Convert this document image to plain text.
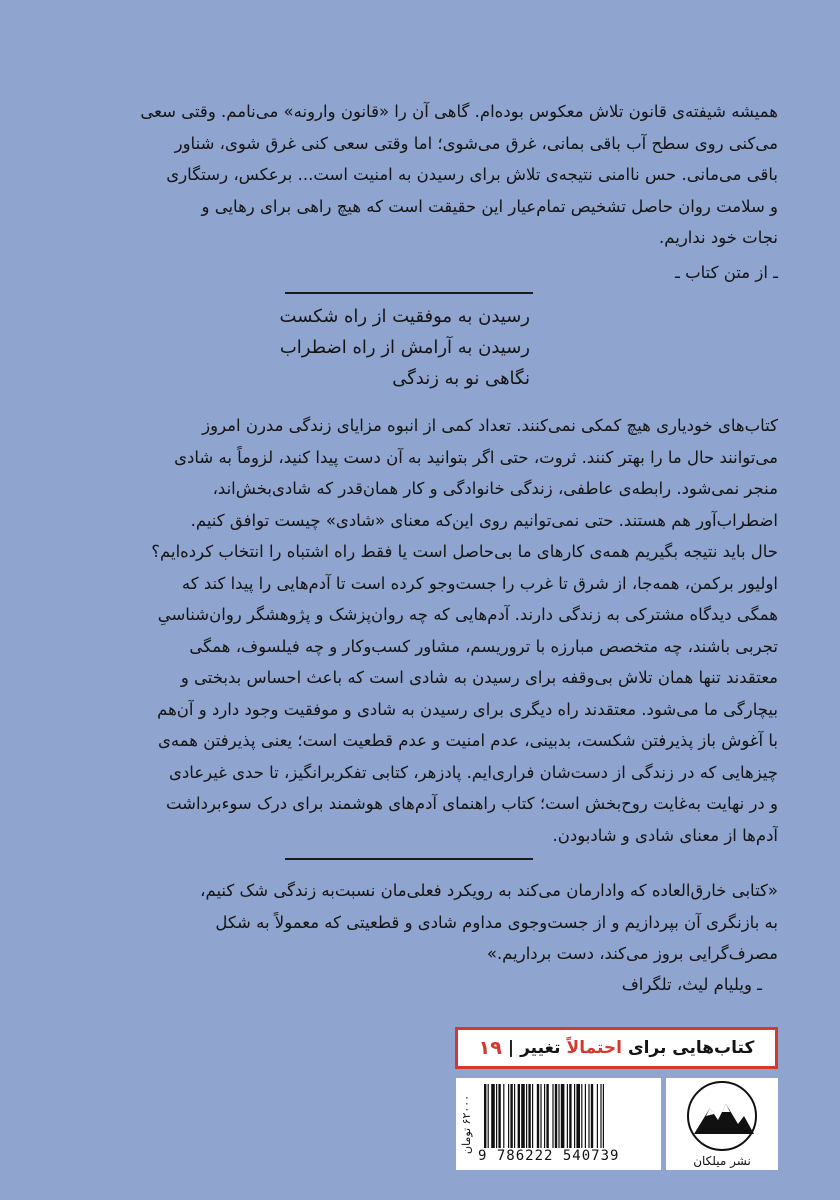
همیشه شیفته‌ی قانون تلاش معکوس بوده‌ام. گاهی آن را «قانون وارونه» می‌نامم. وقتی سعی
می‌کنی روی سطح آب باقی بمانی، غرق می‌شوی؛ اما وقتی سعی کنی غرق شوی، شناور
باقی می‌مانی. حس ناامنی نتیجه‌ی تلاش برای رسیدن به امنیت است... برعکس، رستگاری
و سلامت روان حاصل تشخیص تمام‌عیار این حقیقت است که هیچ راهی برای رهایی و
نجات خود نداریم.
ـ از متن کتاب ـ
رسیدن به موفقیت از راه شکست
رسیدن به آرامش از راه اضطراب
نگاهی نو به زندگی
کتاب‌های خودیاری هیچ کمکی نمی‌کنند. تعداد کمی از انبوه مزایای زندگی مدرن امروز
می‌توانند حال ما را بهتر کنند. ثروت، حتی اگر بتوانید به آن دست پیدا کنید، لزوماً به شادی
منجر نمی‌شود. رابطه‌ی عاطفی، زندگی خانوادگی و کار همان‌قدر که شادی‌بخش‌اند،
اضطراب‌آور هم هستند. حتی نمی‌توانیم روی این‌که معنای «شادی» چیست توافق کنیم.
حال باید نتیجه بگیریم همه‌ی کارهای ما بی‌حاصل است یا فقط راه اشتباه را انتخاب کرده‌ایم؟
اولیور برکمن، همه‌جا، از شرق تا غرب را جست‌وجو کرده است تا آدم‌هایی را پیدا کند که
همگی دیدگاه مشترکی به زندگی دارند. آدم‌هایی که چه روان‌پزشک و پژوهشگر روان‌شناسیِ
تجربی باشند، چه متخصص مبارزه با تروریسم، مشاور کسب‌وکار و چه فیلسوف، همگی
معتقدند تنها همان تلاش بی‌وقفه برای رسیدن به شادی است که باعث احساس بدبختی و
بیچارگی ما می‌شود. معتقدند راه دیگری برای رسیدن به شادی و موفقیت وجود دارد و آن‌هم
با آغوش باز پذیرفتن شکست، بدبینی، عدم امنیت و عدم قطعیت است؛ یعنی پذیرفتن همه‌ی
چیزهایی که در زندگی از دست‌شان فراری‌ایم. پادزهر، کتابی تفکربرانگیز، تا حدی غیرعادی
و در نهایت به‌غایت روح‌بخش است؛ کتاب راهنمای آدم‌های هوشمند برای درک سوءبرداشت
آدم‌ها از معنای شادی و شادبودن.
«کتابی خارق‌العاده که وادارمان می‌کند به رویکرد فعلی‌مان نسبت‌به زندگی شک کنیم،
به بازنگری آن بپردازیم و از جست‌وجوی مداوم شادی و قطعیتی که معمولاً به شکل
مصرف‌گرایی بروز می‌کند، دست برداریم.»
ـ ویلیام لیث، تلگراف
کتاب‌هایی برای
احتمالاً
تغییر
|
۱۹
۶۲۰۰۰ تومان
9 786222 540739	نشر میلکان
